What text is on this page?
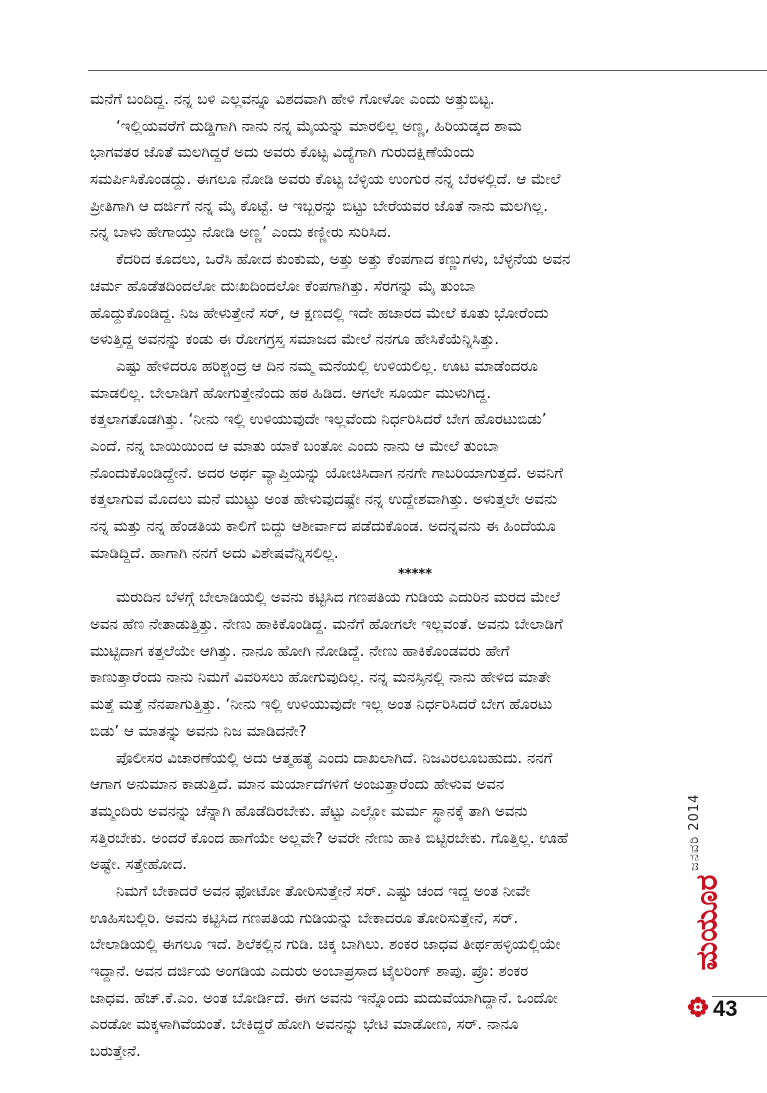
ಮನೆಗೆ ಬಂದಿದ್ದ. ನನ್ನ ಬಳಿ ಎಲ್ಲವನ್ನೂ ವಿಶದವಾಗಿ ಹೇಳಿ ಗೋಳೋ ಎಂದು ಅತ್ತುಬಿಟ್ಟ.
‘ಇಲ್ಲಿಯವರೆಗೆ ದುಡ್ಡಿಗಾಗಿ ನಾನು ನನ್ನ ಮೈಯನ್ನು ಮಾರಲಿಲ್ಲ ಅಣ್ಣ, ಹಿರಿಯಡ್ಕದ ಶಾಮ
ಭಾಗವತರ ಜೊತೆ ಮಲಗಿದ್ದರೆ ಅದು ಅವರು ಕೊಟ್ಟ ವಿದ್ಯೆಗಾಗಿ ಗುರುದಕ್ಷಿಣೆಯೆಂದು
ಸಮರ್ಪಿಸಿಕೊಂಡದ್ದು. ಈಗಲೂ ನೋಡಿ ಅವರು ಕೊಟ್ಟ ಬೆಳ್ಳಿಯ ಉಂಗುರ ನನ್ನ ಬೆರಳಲ್ಲಿದೆ. ಆ ಮೇಲೆ
ಪ್ರೀತಿಗಾಗಿ ಆ ದರ್ಜಿಗೆ ನನ್ನ ಮೈ ಕೊಟ್ಟೆ. ಆ ಇಬ್ಬರನ್ನು ಬಿಟ್ಟು ಬೇರೆಯವರ ಜೊತೆ ನಾನು ಮಲಗಿಲ್ಲ.
ನನ್ನ ಬಾಳು ಹೇಗಾಯ್ತು ನೋಡಿ ಅಣ್ಣ’ ಎಂದು ಕಣ್ಣೀರು ಸುರಿಸಿದ.
ಕೆದರಿದ ಕೂದಲು, ಒರೆಸಿ ಹೋದ ಕುಂಕುಮ, ಅತ್ತು ಅತ್ತು ಕೆಂಪಗಾದ ಕಣ್ಣುಗಳು, ಬೆಳ್ಳನೆಯ ಅವನ
ಚರ್ಮ ಹೊಡೆತದಿಂದಲೋ ದುಃಖದಿಂದಲೋ ಕೆಂಪಗಾಗಿತ್ತು. ಸೆರಗನ್ನು ಮೈ ತುಂಬಾ
ಹೊದ್ದುಕೊಂಡಿದ್ದ. ನಿಜ ಹೇಳುತ್ತೇನೆ ಸರ್, ಆ ಕ್ಷಣದಲ್ಲಿ ಇದೇ ಹಜಾರದ ಮೇಲೆ ಕೂತು ಭೋರೆಂದು
ಅಳುತ್ತಿದ್ದ ಅವನನ್ನು ಕಂಡು ಈ ರೋಗಗ್ರಸ್ತ ಸಮಾಜದ ಮೇಲೆ ನನಗೂ ಹೇಸಿಕೆಯೆನ್ನಿಸಿತ್ತು.
ಎಷ್ಟು ಹೇಳಿದರೂ ಹರಿಶ್ಚಂದ್ರ ಆ ದಿನ ನಮ್ಮ ಮನೆಯಲ್ಲಿ ಉಳಿಯಲಿಲ್ಲ. ಊಟ ಮಾಡೆಂದರೂ
ಮಾಡಲಿಲ್ಲ. ಬೇಲಾಡಿಗೆ ಹೋಗುತ್ತೇನೆಂದು ಹಠ ಹಿಡಿದ. ಆಗಲೇ ಸೂರ್ಯ ಮುಳುಗಿದ್ದ.
ಕತ್ತಲಾಗತೊಡಗಿತ್ತು. ‘ನೀನು ಇಲ್ಲಿ ಉಳಿಯುವುದೇ ಇಲ್ಲವೆಂದು ನಿರ್ಧರಿಸಿದರೆ ಬೇಗ ಹೊರಟುಬಿಡು’
ಎಂದೆ. ನನ್ನ ಬಾಯಿಯಿಂದ ಆ ಮಾತು ಯಾಕೆ ಬಂತೋ ಎಂದು ನಾನು ಆ ಮೇಲೆ ತುಂಬಾ
ನೊಂದುಕೊಂಡಿದ್ದೇನೆ. ಅದರ ಅರ್ಥ ವ್ಯಾಪ್ತಿಯನ್ನು ಯೋಚಿಸಿದಾಗ ನನಗೇ ಗಾಬರಿಯಾಗುತ್ತದೆ. ಅವನಿಗೆ
ಕತ್ತಲಾಗುವ ಮೊದಲು ಮನೆ ಮುಟ್ಟು ಅಂತ ಹೇಳುವುದಷ್ಟೇ ನನ್ನ ಉದ್ದೇಶವಾಗಿತ್ತು. ಅಳುತ್ತಲೇ ಅವನು
ನನ್ನ ಮತ್ತು ನನ್ನ ಹೆಂಡತಿಯ ಕಾಲಿಗೆ ಬಿದ್ದು ಆಶೀರ್ವಾದ ಪಡೆದುಕೊಂಡ. ಅದನ್ನವನು ಈ ಹಿಂದೆಯೂ
ಮಾಡಿದ್ದಿದೆ. ಹಾಗಾಗಿ ನನಗೆ ಅದು ವಿಶೇಷವೆನ್ನಿಸಲಿಲ್ಲ.
*****
ಮರುದಿನ ಬೆಳಗ್ಗೆ ಬೇಲಾಡಿಯಲ್ಲಿ ಅವನು ಕಟ್ಟಿಸಿದ ಗಣಪತಿಯ ಗುಡಿಯ ಎದುರಿನ ಮರದ ಮೇಲೆ
ಅವನ ಹೆಣ ನೇತಾಡುತ್ತಿತ್ತು. ನೇಣು ಹಾಕಿಕೊಂಡಿದ್ದ. ಮನೆಗೆ ಹೋಗಲೇ ಇಲ್ಲವಂತೆ. ಅವನು ಬೇಲಾಡಿಗೆ
ಮುಟ್ಟಿದಾಗ ಕತ್ತಲೆಯೇ ಆಗಿತ್ತು. ನಾನೂ ಹೋಗಿ ನೋಡಿದ್ದೆ. ನೇಣು ಹಾಕಿಕೊಂಡವರು ಹೇಗೆ
ಕಾಣುತ್ತಾರೆಂದು ನಾನು ನಿಮಗೆ ವಿವರಿಸಲು ಹೋಗುವುದಿಲ್ಲ. ನನ್ನ ಮನಸ್ಸಿನಲ್ಲಿ ನಾನು ಹೇಳಿದ ಮಾತೇ
ಮತ್ತೆ ಮತ್ತೆ ನೆನಪಾಗುತ್ತಿತ್ತು. ‘ನೀನು ಇಲ್ಲಿ ಉಳಿಯುವುದೇ ಇಲ್ಲ ಅಂತ ನಿರ್ಧರಿಸಿದರೆ ಬೇಗ ಹೊರಟು
ಬಿಡು’ ಆ ಮಾತನ್ನು ಅವನು ನಿಜ ಮಾಡಿದನೇ?
ಪೊಲೀಸರ ವಿಚಾರಣೆಯಲ್ಲಿ ಅದು ಆತ್ಮಹತ್ಯೆ ಎಂದು ದಾಖಲಾಗಿದೆ. ನಿಜವಿರಲೂಬಹುದು. ನನಗೆ
ಆಗಾಗ ಅನುಮಾನ ಕಾಡುತ್ತಿದೆ. ಮಾನ ಮರ್ಯಾದೆಗಳಿಗೆ ಅಂಜುತ್ತಾರೆಂದು ಹೇಳುವ ಅವನ
ತಮ್ಮಂದಿರು ಅವನನ್ನು ಚೆನ್ನಾಗಿ ಹೊಡೆದಿರಬೇಕು. ಪೆಟ್ಟು ಎಲ್ಲೋ ಮರ್ಮ ಸ್ಥಾನಕ್ಕೆ ತಾಗಿ ಅವನು
ಸತ್ತಿರಬೇಕು. ಅಂದರೆ ಕೊಂದ ಹಾಗೆಯೇ ಅಲ್ಲವೇ? ಅವರೇ ನೇಣು ಹಾಕಿ ಬಿಟ್ಟಿರಬೇಕು. ಗೊತ್ತಿಲ್ಲ. ಊಹೆ
ಅಷ್ಟೇ. ಸತ್ತೇಹೋದ.
ನಿಮಗೆ ಬೇಕಾದರೆ ಅವನ ಫೋಟೋ ತೋರಿಸುತ್ತೇನೆ ಸರ್. ಎಷ್ಟು ಚಂದ ಇದ್ದ ಅಂತ ನೀವೇ
ಊಹಿಸಬಲ್ಲಿರಿ. ಅವನು ಕಟ್ಟಿಸಿದ ಗಣಪತಿಯ ಗುಡಿಯನ್ನು ಬೇಕಾದರೂ ತೋರಿಸುತ್ತೇನೆ, ಸರ್.
ಬೇಲಾಡಿಯಲ್ಲಿ ಈಗಲೂ ಇದೆ. ಶಿಲೆಕಲ್ಲಿನ ಗುಡಿ. ಚಿಕ್ಕ ಬಾಗಿಲು. ಶಂಕರ ಜಾಧವ ತೀರ್ಥಹಳ್ಳಿಯಲ್ಲಿಯೇ
ಇದ್ದಾನೆ. ಅವನ ದರ್ಜಿಯ ಅಂಗಡಿಯ ಎದುರು ಅಂಬಾಪ್ರಸಾದ ಟೈಲರಿಂಗ್ ಶಾಪು. ಪ್ರೊ: ಶಂಕರ
ಜಾಧವ. ಹೆಚ್.ಕೆ.ಎಂ. ಅಂತ ಬೋರ್ಡಿದೆ. ಈಗ ಅವನು ಇನ್ನೊಂದು ಮದುವೆಯಾಗಿದ್ದಾನೆ. ಒಂದೋ
ಎರಡೋ ಮಕ್ಕಳಾಗಿವೆಯಂತೆ. ಬೇಕಿದ್ದರೆ ಹೋಗಿ ಅವನನ್ನು ಭೇಟಿ ಮಾಡೋಣ, ಸರ್. ನಾನೂ
ಬರುತ್ತೇನೆ.
ಜನವರಿ 2014
ಮಯೂರ
43
